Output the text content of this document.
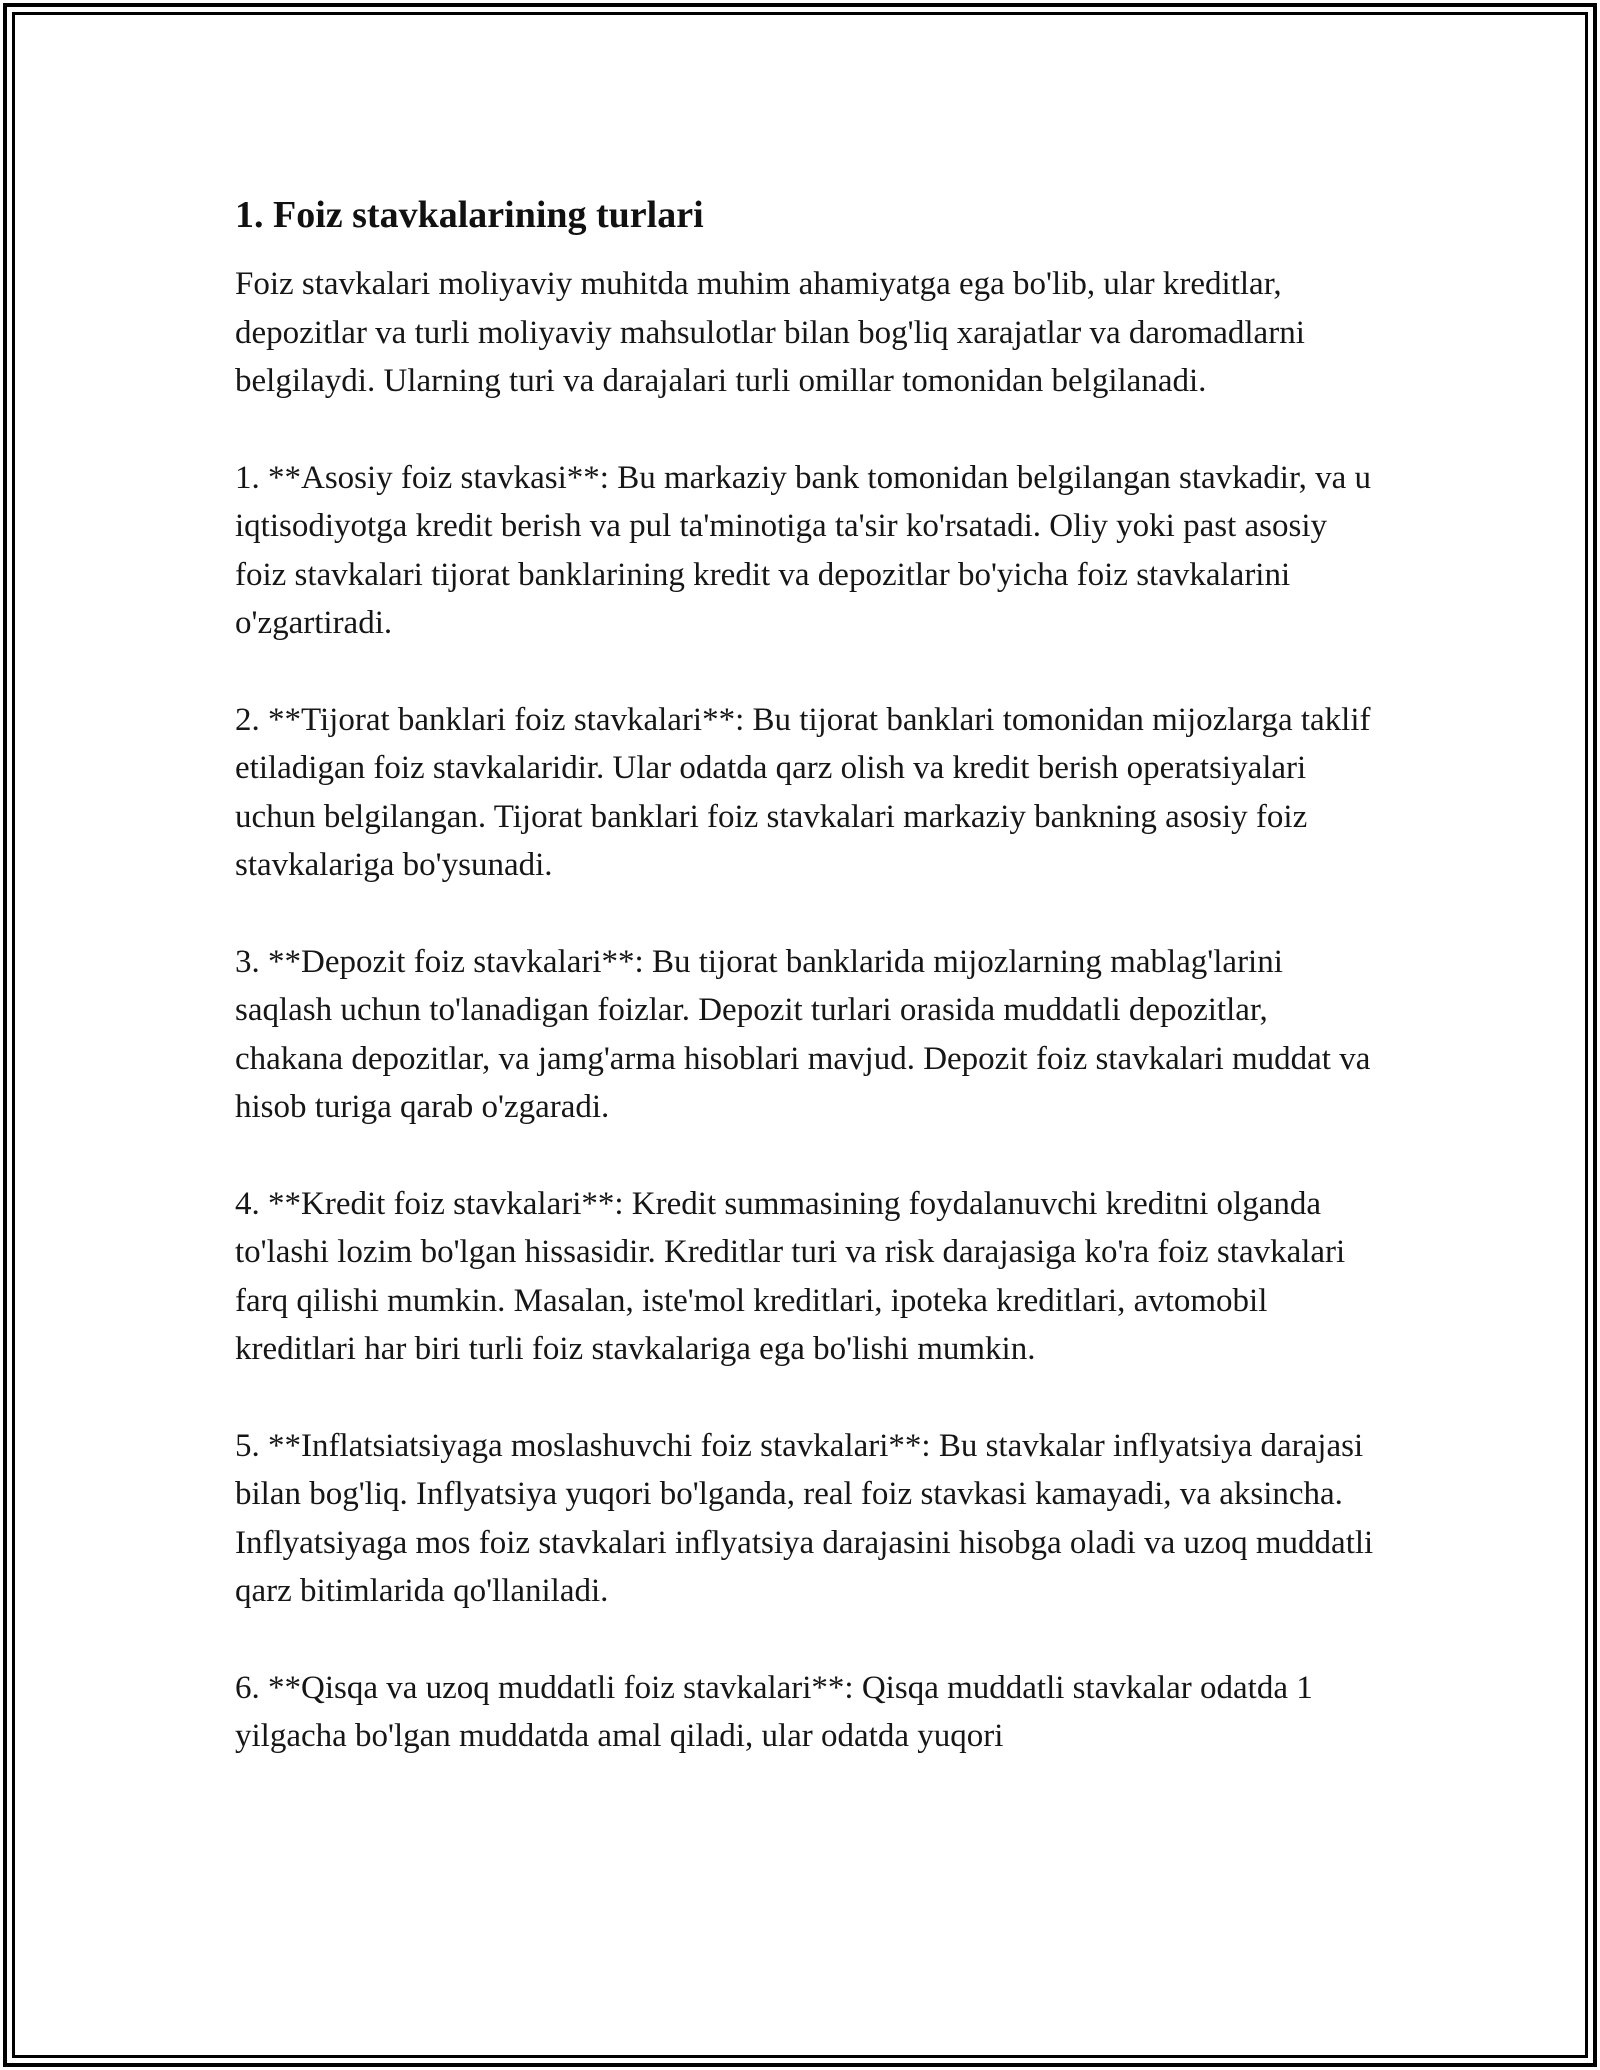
1. Foiz stavkalarining turlari

Foiz stavkalari moliyaviy muhitda muhim ahamiyatga ega bo'lib, ular kreditlar, depozitlar va turli moliyaviy mahsulotlar bilan bog'liq xarajatlar va daromadlarni belgilaydi. Ularning turi va darajalari turli omillar tomonidan belgilanadi.

1. **Asosiy foiz stavkasi**: Bu markaziy bank tomonidan belgilangan stavkadir, va u iqtisodiyotga kredit berish va pul ta'minotiga ta'sir ko'rsatadi. Oliy yoki past asosiy foiz stavkalari tijorat banklarining kredit va depozitlar bo'yicha foiz stavkalarini o'zgartiradi.

2. **Tijorat banklari foiz stavkalari**: Bu tijorat banklari tomonidan mijozlarga taklif etiladigan foiz stavkalaridir. Ular odatda qarz olish va kredit berish operatsiyalari uchun belgilangan. Tijorat banklari foiz stavkalari markaziy bankning asosiy foiz stavkalariga bo'ysunadi.

3. **Depozit foiz stavkalari**: Bu tijorat banklarida mijozlarning mablag'larini saqlash uchun to'lanadigan foizlar. Depozit turlari orasida muddatli depozitlar, chakana depozitlar, va jamg'arma hisoblari mavjud. Depozit foiz stavkalari muddat va hisob turiga qarab o'zgaradi.

4. **Kredit foiz stavkalari**: Kredit summasining foydalanuvchi kreditni olganda to'lashi lozim bo'lgan hissasidir. Kreditlar turi va risk darajasiga ko'ra foiz stavkalari farq qilishi mumkin. Masalan, iste'mol kreditlari, ipoteka kreditlari, avtomobil kreditlari har biri turli foiz stavkalariga ega bo'lishi mumkin.

5. **Inflatsiatsiyaga moslashuvchi foiz stavkalari**: Bu stavkalar inflyatsiya darajasi bilan bog'liq. Inflyatsiya yuqori bo'lganda, real foiz stavkasi kamayadi, va aksincha. Inflyatsiyaga mos foiz stavkalari inflyatsiya darajasini hisobga oladi va uzoq muddatli qarz bitimlarida qo'llaniladi.

6. **Qisqa va uzoq muddatli foiz stavkalari**: Qisqa muddatli stavkalar odatda 1 yilgacha bo'lgan muddatda amal qiladi, ular odatda yuqori
